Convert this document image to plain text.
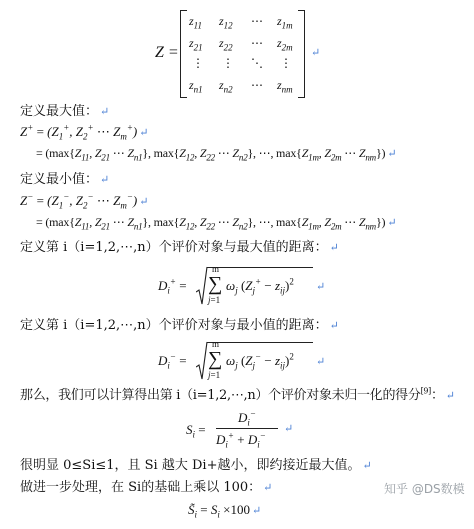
Z =
$z_{11}$ $z_{12}$ ⋯ $z_{1m}$
$z_{21}$ $z_{22}$ ⋯ $z_{2m}$
⋮ ⋮ ⋱ ⋮
$z_{n1}$ $z_{n2}$ ⋯ $z_{nm}$
↵
定义最大值： ↵
$Z^+ = (Z_1^+$, $Z_2^+$ ⋯ $Z_m^+$) ↵
= ($\max\{Z_{11}$, $Z_{21}$ ⋯ $Z_{n1}$}, $\max\{Z_{12}$, $Z_{22}$ ⋯ $Z_{n2}$}, ⋯, $\max\{Z_{1m}$, $Z_{2m}$ ⋯ $Z_{nm}$}) ↵
定义最小值： ↵
$Z^- = (Z_1^-$, $Z_2^-$ ⋯ $Z_m^-$) ↵
= ($\max\{Z_{11}$, $Z_{21}$ ⋯ $Z_{n1}$}, $\max\{Z_{12}$, $Z_{22}$ ⋯ $Z_{n2}$}, ⋯, $\max\{Z_{1m}$, $Z_{2m}$ ⋯ $Z_{nm}$}) ↵
定义第 i（i=1,2,⋯,n）个评价对象与最大值的距离： ↵
$D_i^+$ =
m
∑
j=1
$\omega_j$ $(Z_j^+ - z_{ij})^2$ ↵
定义第 i（i=1,2,⋯,n）个评价对象与最小值的距离： ↵
$D_i^-$ =
m
∑
j=1
$\omega_j$ $(Z_j^- - z_{ij})^2$ ↵
那么，我们可以计算得出第 i（i=1,2,⋯,n）个评价对象未归一化的得分[9]： ↵
$S_i$ =
$D_i^-$
$D_i^+ + D_i^-$
↵
很明显 0≤Si≤1，且 Si 越大 Di+越小，即约接近最大值。 ↵
做进一步处理，在 Si的基础上乘以 100： ↵
$S̃_i = S_i \times 100$ ↵
知乎 @DS数模
